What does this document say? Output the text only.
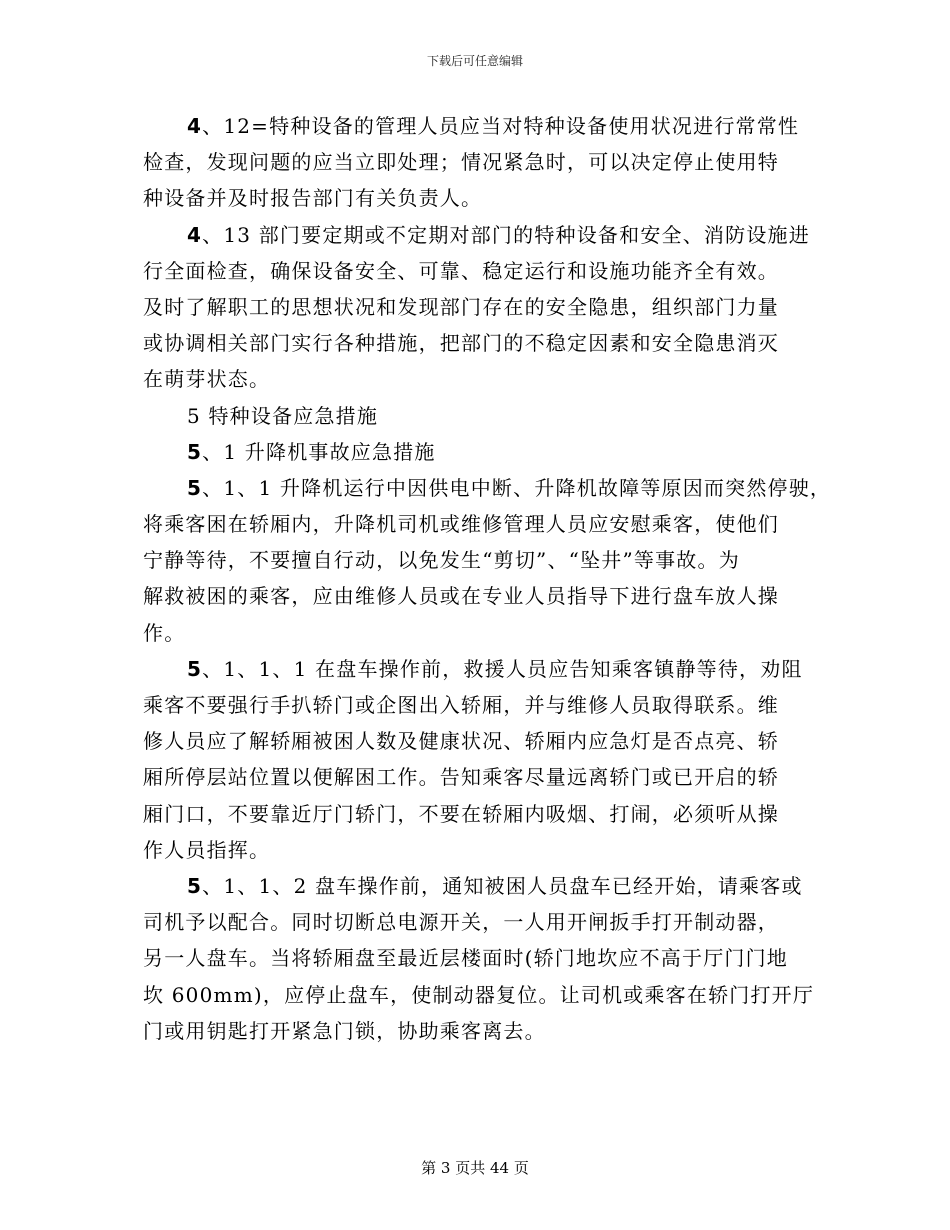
下载后可任意编辑
4、12=特种设备的管理人员应当对特种设备使用状况进行常常性
检查，发现问题的应当立即处理；情况紧急时，可以决定停止使用特
种设备并及时报告部门有关负责人。
4、13 部门要定期或不定期对部门的特种设备和安全、消防设施进
行全面检查，确保设备安全、可靠、稳定运行和设施功能齐全有效。
及时了解职工的思想状况和发现部门存在的安全隐患，组织部门力量
或协调相关部门实行各种措施，把部门的不稳定因素和安全隐患消灭
在萌芽状态。
5 特种设备应急措施
5、1 升降机事故应急措施
5、1、1 升降机运行中因供电中断、升降机故障等原因而突然停驶，
将乘客困在轿厢内，升降机司机或维修管理人员应安慰乘客，使他们
宁静等待，不要擅自行动，以免发生“剪切”、“坠井”等事故。为
解救被困的乘客，应由维修人员或在专业人员指导下进行盘车放人操
作。
5、1、1、1 在盘车操作前，救援人员应告知乘客镇静等待，劝阻
乘客不要强行手扒轿门或企图出入轿厢，并与维修人员取得联系。维
修人员应了解轿厢被困人数及健康状况、轿厢内应急灯是否点亮、轿
厢所停层站位置以便解困工作。告知乘客尽量远离轿门或已开启的轿
厢门口，不要靠近厅门轿门，不要在轿厢内吸烟、打闹，必须听从操
作人员指挥。
5、1、1、2 盘车操作前，通知被困人员盘车已经开始，请乘客或
司机予以配合。同时切断总电源开关，一人用开闸扳手打开制动器，
另一人盘车。当将轿厢盘至最近层楼面时(轿门地坎应不高于厅门门地
坎 600mm)，应停止盘车，使制动器复位。让司机或乘客在轿门打开厅
门或用钥匙打开紧急门锁，协助乘客离去。
第 3 页共 44 页
